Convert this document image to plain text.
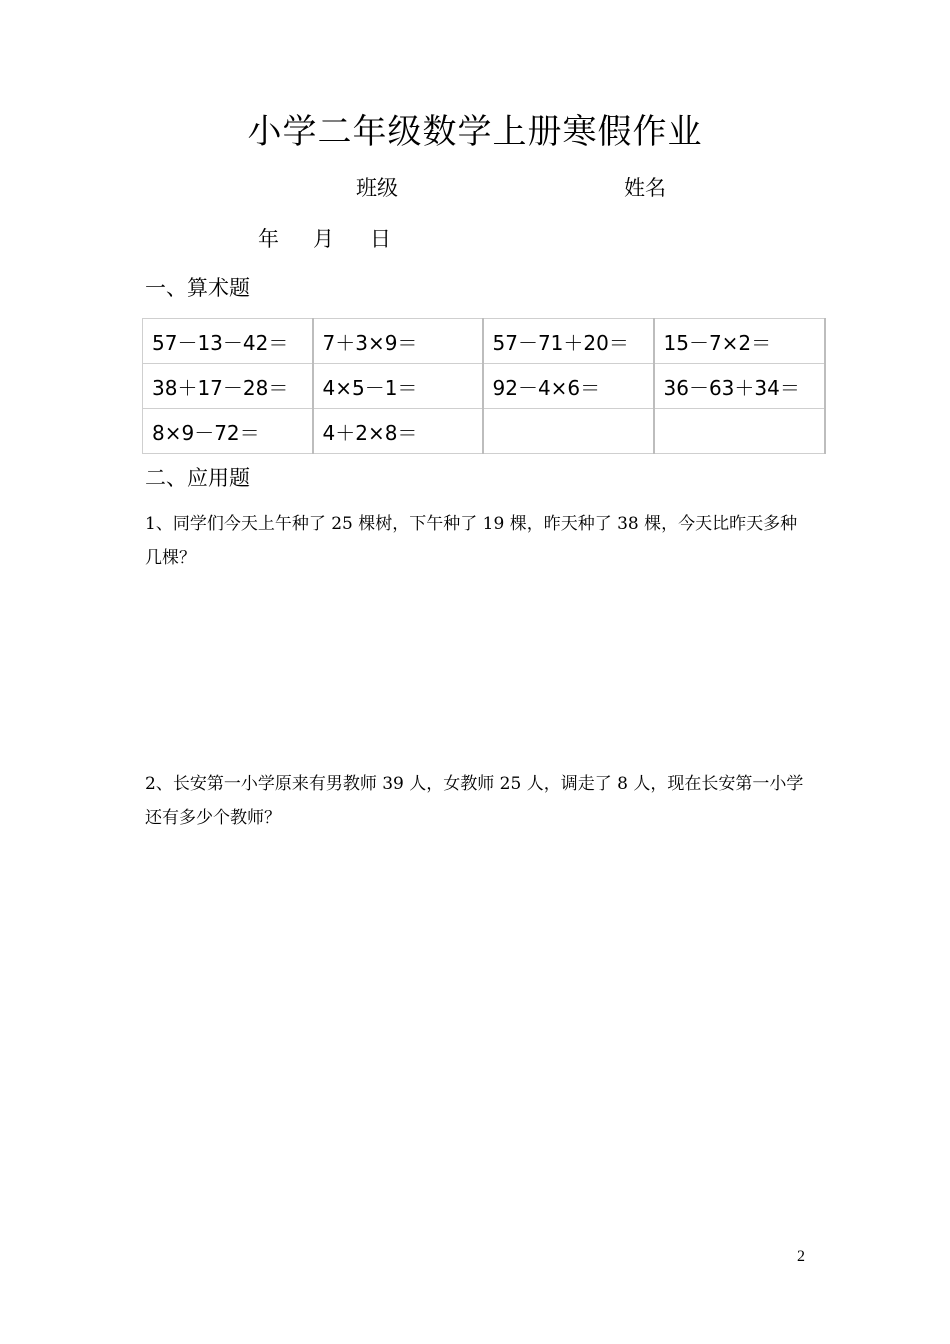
小学二年级数学上册寒假作业
班级	姓名
年 月 日
一、算术题
57－13－42＝	7＋3×9＝	57－71＋20＝	15－7×2＝
38＋17－28＝	4×5－1＝	92－4×6＝	36－63＋34＝
8×9－72＝	4＋2×8＝		
二、应用题
1、同学们今天上午种了 25 棵树，下午种了 19 棵，昨天种了 38 棵，今天比昨天多种几棵？
2、长安第一小学原来有男教师 39 人，女教师 25 人，调走了 8 人，现在长安第一小学还有多少个教师？
2
